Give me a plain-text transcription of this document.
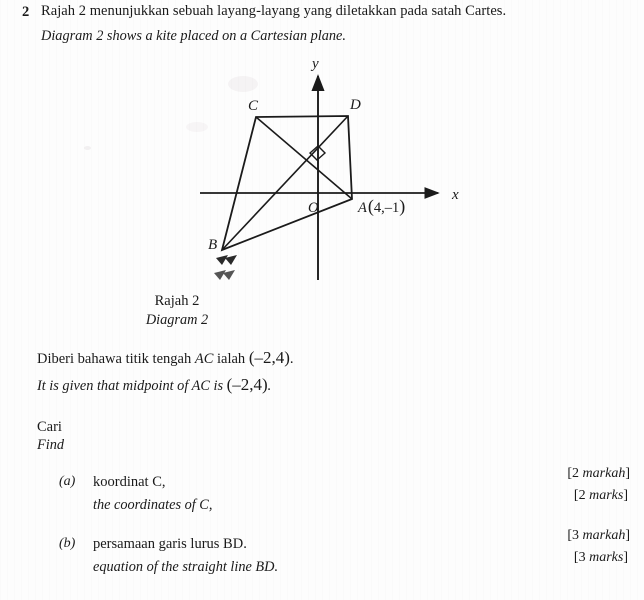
2 Rajah 2 menunjukkan sebuah layang-layang yang diletakkan pada satah Cartes.
Diagram 2 shows a kite placed on a Cartesian plane.
C	D
B
O	A(4,–1)
x
y
Rajah 2
Diagram 2
Diberi bahawa titik tengah AC ialah (–2,4).
It is given that midpoint of AC is (–2,4).
Cari
Find
(a) koordinat C,
the coordinates of C,
[2 markah]
[2 marks]
(b) persamaan garis lurus BD.
equation of the straight line BD.
[3 markah]
[3 marks]
